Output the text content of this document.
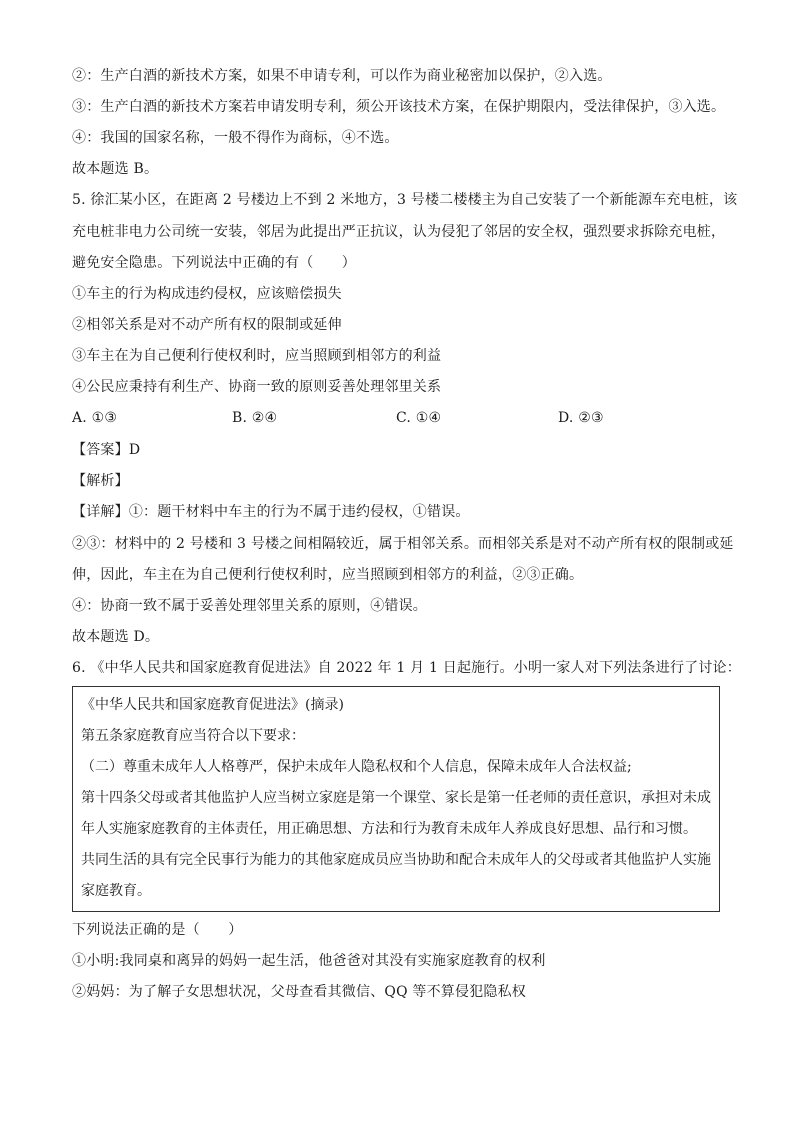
②：生产白酒的新技术方案，如果不申请专利，可以作为商业秘密加以保护，②入选。
③：生产白酒的新技术方案若申请发明专利，须公开该技术方案，在保护期限内，受法律保护，③入选。
④：我国的国家名称，一般不得作为商标，④不选。
故本题选 B。
5. 徐汇某小区，在距离 2 号楼边上不到 2 米地方，3 号楼二楼楼主为自己安装了一个新能源车充电桩，该
充电桩非电力公司统一安装，邻居为此提出严正抗议，认为侵犯了邻居的安全权，强烈要求拆除充电桩，
避免安全隐患。下列说法中正确的有（　　）
①车主的行为构成违约侵权，应该赔偿损失
②相邻关系是对不动产所有权的限制或延伸
③车主在为自己便利行使权利时，应当照顾到相邻方的利益
④公民应秉持有利生产、协商一致的原则妥善处理邻里关系
A. ①③	B. ②④	C. ①④	D. ②③
【答案】D
【解析】
【详解】①：题干材料中车主的行为不属于违约侵权，①错误。
②③：材料中的 2 号楼和 3 号楼之间相隔较近，属于相邻关系。而相邻关系是对不动产所有权的限制或延
伸，因此，车主在为自己便利行使权利时，应当照顾到相邻方的利益，②③正确。
④：协商一致不属于妥善处理邻里关系的原则，④错误。
故本题选 D。
6. 《中华人民共和国家庭教育促进法》自 2022 年 1 月 1 日起施行。小明一家人对下列法条进行了讨论：
《中华人民共和国家庭教育促进法》(摘录)
第五条家庭教育应当符合以下要求：
（二）尊重未成年人人格尊严，保护未成年人隐私权和个人信息，保障未成年人合法权益;
第十四条父母或者其他监护人应当树立家庭是第一个课堂、家长是第一任老师的责任意识，承担对未成
年人实施家庭教育的主体责任，用正确思想、方法和行为教育未成年人养成良好思想、品行和习惯。
共同生活的具有完全民事行为能力的其他家庭成员应当协助和配合未成年人的父母或者其他监护人实施
家庭教育。
下列说法正确的是（　　）
①小明:我同桌和离异的妈妈一起生活，他爸爸对其没有实施家庭教育的权利
②妈妈：为了解子女思想状况，父母查看其微信、QQ 等不算侵犯隐私权
